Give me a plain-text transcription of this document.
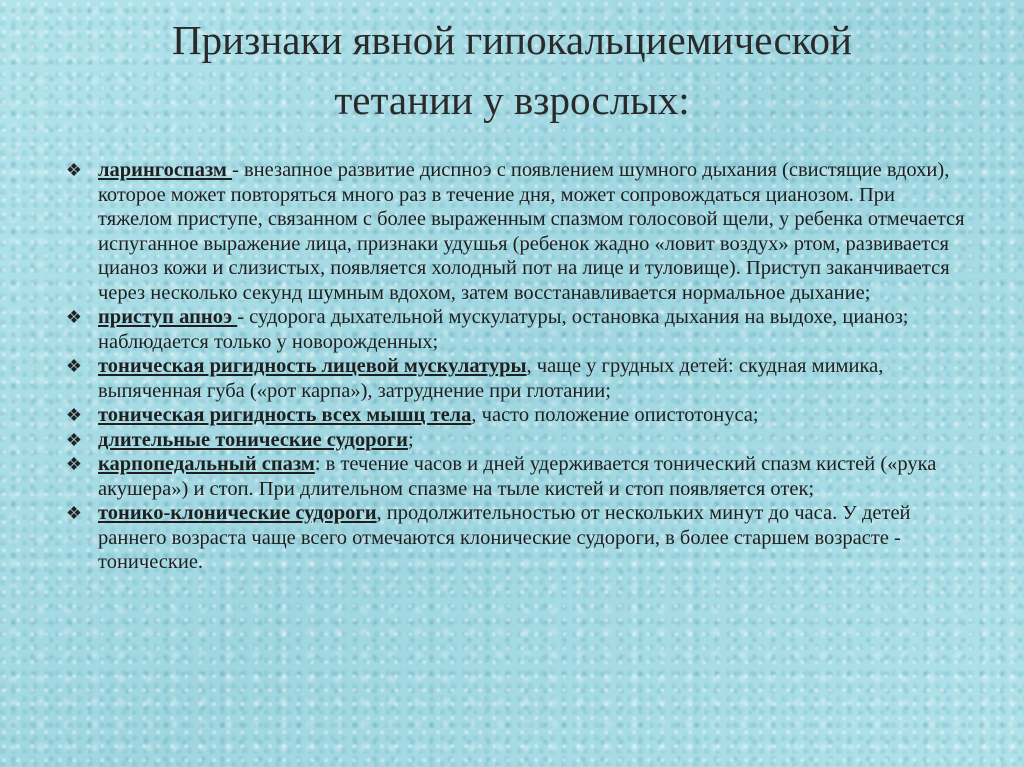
Признаки явной гипокальциемической
тетании у взрослых:
❖ ларингоспазм - внезапное развитие диспноэ с появлением шумного дыхания (свистящие вдохи), которое может повторяться много раз в течение дня, может сопровождаться цианозом. При тяжелом приступе, связанном с более выраженным спазмом голосовой щели, у ребенка отмечается испуганное выражение лица, признаки удушья (ребенок жадно «ловит воздух» ртом, развивается цианоз кожи и слизистых, появляется холодный пот на лице и туловище). Приступ заканчивается через несколько секунд шумным вдохом, затем восстанавливается нормальное дыхание;
❖ приступ апноэ - судорога дыхательной мускулатуры, остановка дыхания на выдохе, цианоз; наблюдается только у новорожденных;
❖ тоническая ригидность лицевой мускулатуры, чаще у грудных детей: скудная мимика, выпяченная губа («рот карпа»), затруднение при глотании;
❖ тоническая ригидность всех мышц тела, часто положение опистотонуса;
❖ длительные тонические судороги;
❖ карпопедальный спазм: в течение часов и дней удерживается тонический спазм кистей («рука акушера») и стоп. При длительном спазме на тыле кистей и стоп появляется отек;
❖ тонико-клонические судороги, продолжительностью от нескольких минут до часа. У детей раннего возраста чаще всего отмечаются клонические судороги, в более старшем возрасте - тонические.
